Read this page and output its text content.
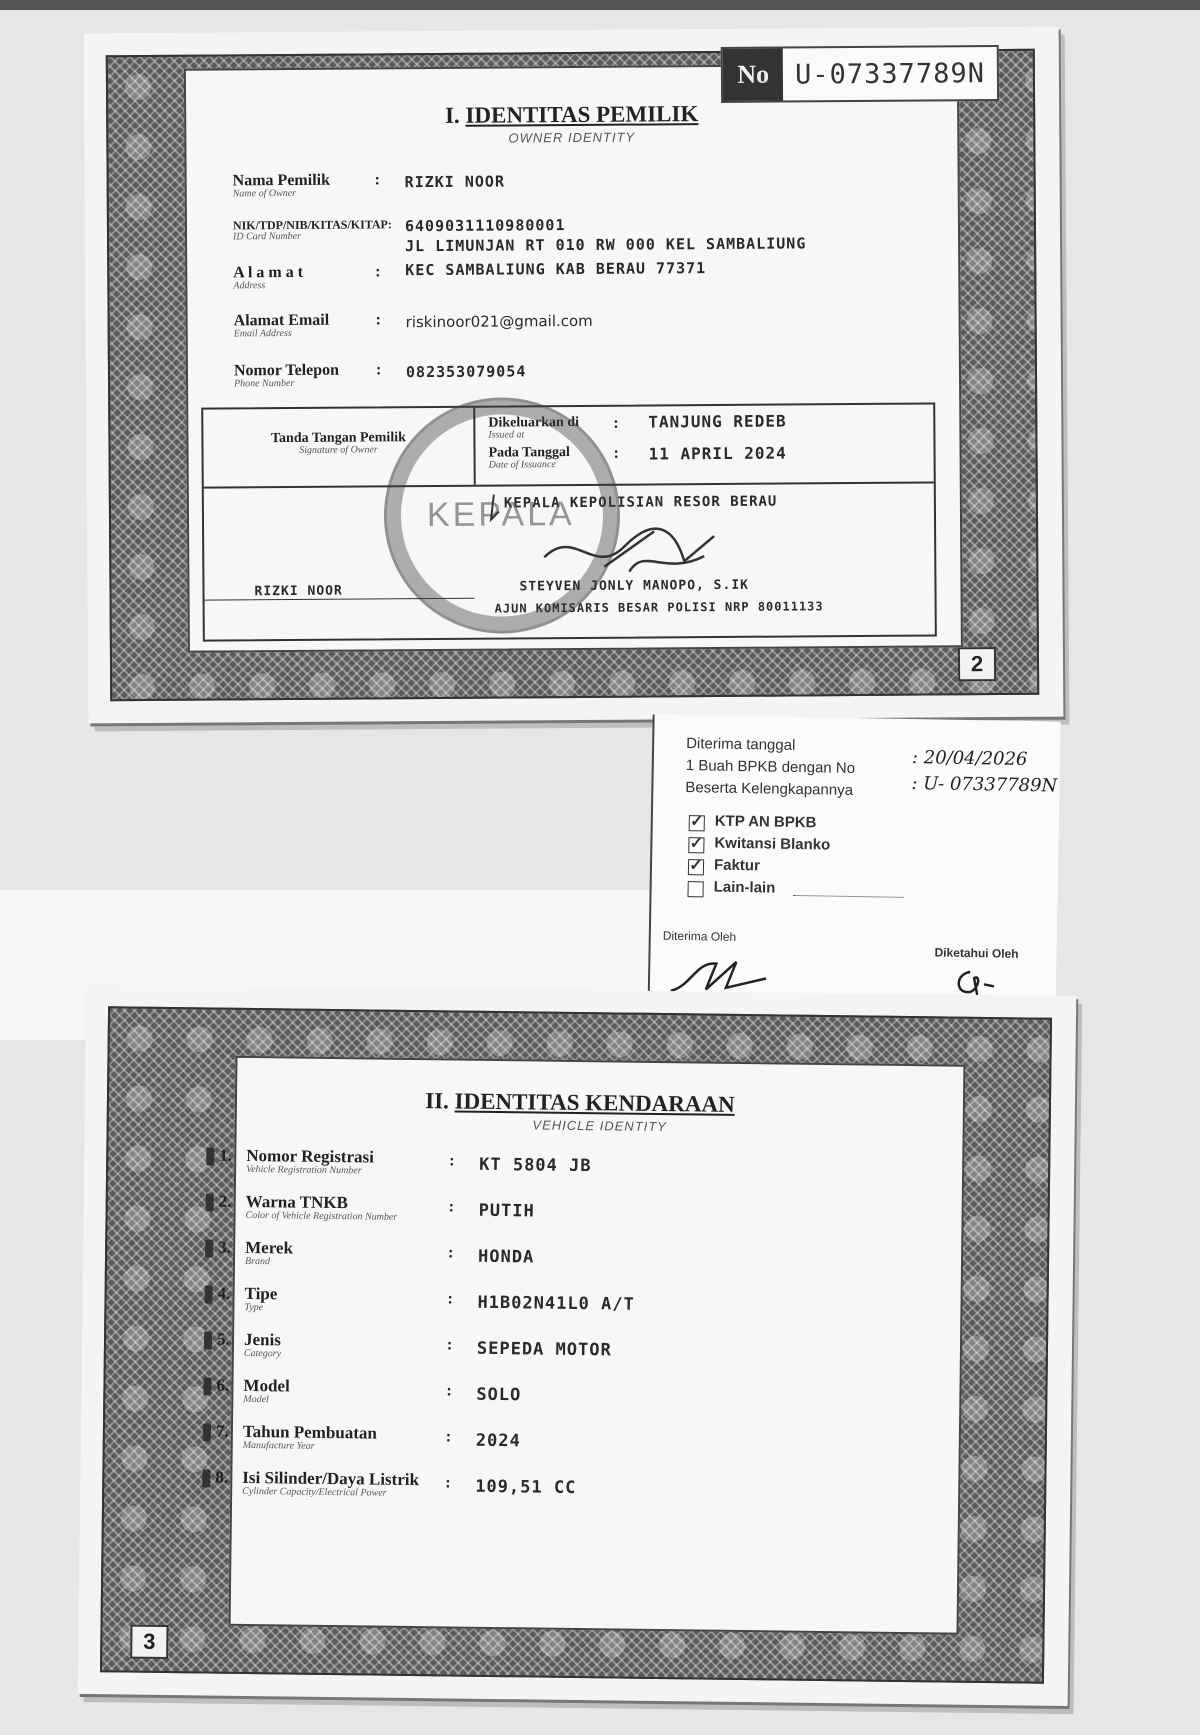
No U-07337789N
I. IDENTITAS PEMILIK
OWNER IDENTITY
Nama Pemilik
Name of Owner
: RIZKI NOOR
NIK/TDP/NIB/KITAS/KITAP:
ID Card Number
6409031110980001
A l a m a t
Address
:
JL LIMUNJAN RT 010 RW 000 KEL SAMBALIUNG
KEC SAMBALIUNG KAB BERAU 77371
Alamat Email
Email Address
: riskinoor021@gmail.com
Nomor Telepon
Phone Number
: 082353079054
Tanda Tangan Pemilik
Signature of Owner
Dikeluarkan di
Issued at
: TANJUNG REDEB
Pada Tanggal
Date of Issuance
: 11 APRIL 2024
KEPALA KEPOLISIAN RESOR BERAU
RIZKI NOOR	STEYVEN JONLY MANOPO, S.IK
AJUN KOMISARIS BESAR POLISI NRP 80011133
KEPALA
2
Diterima tanggal
1 Buah BPKB dengan No
Beserta Kelengkapannya
: 20/04/2026
: U- 07337789N
✓ KTP AN BPKB
✓ Kwitansi Blanko
✓ Faktur
Lain-lain
Diterima Oleh
Diketahui Oleh
II. IDENTITAS KENDARAAN
VEHICLE IDENTITY
1. Nomor Registrasi
Vehicle Registration Number
: KT 5804 JB
2. Warna TNKB
Color of Vehicle Registration Number
: PUTIH
3. Merek
Brand
: HONDA
4. Tipe
Type
: H1B02N41L0 A/T
5. Jenis
Category
: SEPEDA MOTOR
6. Model
Model
: SOLO
7. Tahun Pembuatan
Manufacture Year
: 2024
8. Isi Silinder/Daya Listrik
Cylinder Capacity/Electrical Power
: 109,51 CC
3
